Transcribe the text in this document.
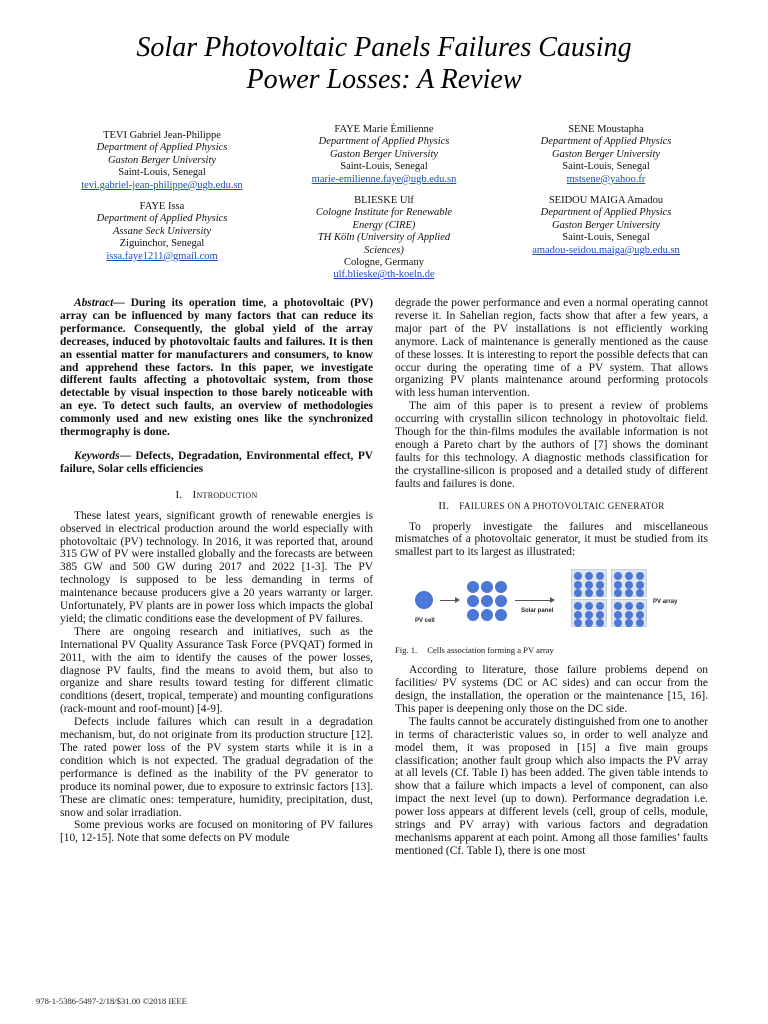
Solar Photovoltaic Panels Failures Causing
Power Losses: A Review
TEVI Gabriel Jean-Philippe
Department of Applied Physics
Gaston Berger University
Saint-Louis, Senegal
tevi.gabriel-jean-philippe@ugb.edu.sn
FAYE Issa
Department of Applied Physics
Assane Seck University
Ziguinchor, Senegal
issa.faye1211@gmail.com
FAYE Marie Émilienne
Department of Applied Physics
Gaston Berger University
Saint-Louis, Senegal
marie-emilienne.faye@ugb.edu.sn
BLIESKE Ulf
Cologne Institute for Renewable
Energy (CIRE)
TH Köln (University of Applied
Sciences)
Cologne, Germany
ulf.blieske@th-koeln.de
SENE Moustapha
Department of Applied Physics
Gaston Berger University
Saint-Louis, Senegal
mstsene@yahoo.fr
SEIDOU MAIGA Amadou
Department of Applied Physics
Gaston Berger University
Saint-Louis, Senegal
amadou-seidou.maiga@ugb.edu.sn

Abstract— During its operation time, a photovoltaic (PV) array can be influenced by many factors that can reduce its performance. Consequently, the global yield of the array decreases, induced by photovoltaic faults and failures. It is then an essential matter for manufacturers and consumers, to know and apprehend these factors. In this paper, we investigate different faults affecting a photovoltaic system, from those detectable by visual inspection to those barely noticeable with an eye. To detect such faults, an overview of methodologies commonly used and new existing ones like the synchronized thermography is done.

Keywords— Defects, Degradation, Environmental effect, PV failure, Solar cells efficiencies

I. Introduction

These latest years, significant growth of renewable energies is observed in electrical production around the world especially with photovoltaic (PV) technology. In 2016, it was reported that, around 315 GW of PV were installed globally and the forecasts are between 385 GW and 500 GW during 2017 and 2022 [1-3]. The PV technology is supposed to be less demanding in terms of maintenance because producers give a 20 years warranty or larger. Unfortunately, PV plants are in power loss which impacts the global yield; the climatic conditions ease the development of PV failures.

There are ongoing research and initiatives, such as the International PV Quality Assurance Task Force (PVQAT) formed in 2011, with the aim to identify the causes of the power losses, diagnose PV faults, find the means to avoid them, but also to organize and share results toward testing for different climatic conditions (desert, tropical, temperate) and mounting configurations (rack-mount and roof-mount) [4-9].

Defects include failures which can result in a degradation mechanism, but, do not originate from its production structure [12]. The rated power loss of the PV system starts while it is in a condition which is not expected. The gradual degradation of the performance is defined as the inability of the PV generator to produce its nominal power, due to exposure to extrinsic factors [13]. These are climatic ones: temperature, humidity, precipitation, dust, snow and solar irradiation.

Some previous works are focused on monitoring of PV failures [10, 12-15]. Note that some defects on PV module

degrade the power performance and even a normal operating cannot reverse it. In Sahelian region, facts show that after a few years, a major part of the PV installations is not efficiently working anymore. Lack of maintenance is generally mentioned as the cause of these losses. It is interesting to report the possible defects that can occur during the operating time of a PV system. That allows organizing PV plants maintenance around performing protocols with less human intervention.

The aim of this paper is to present a review of problems occurring with crystallin silicon technology in photovoltaic field. Though for the thin-films modules the available information is not enough a Pareto chart by the authors of [7] shows the dominant faults for this technology. A diagnostic methods classification for the crystalline-silicon is proposed and a detailed study of different faults and failures is done.

II. FAILURES ON A PHOTOVOLTAIC GENERATOR

To properly investigate the failures and miscellaneous mismatches of a photovoltaic generator, it must be studied from its smallest part to its largest as illustrated:

PV cell
Solar panel
PV array

Fig. 1. Cells association forming a PV array

According to literature, those failure problems depend on facilities/ PV systems (DC or AC sides) and can occur from the design, the installation, the operation or the maintenance [15, 16]. This paper is deepening only those on the DC side.

The faults cannot be accurately distinguished from one to another in terms of characteristic values so, in order to well analyze and model them, it was proposed in [15] a five main groups classification; another fault group which also impacts the PV array at all levels (Cf. Table I) has been added. The given table intends to show that a failure which impacts a level of component, can also impact the next level (up to down). Performance degradation i.e. power loss appears at different levels (cell, group of cells, module, strings and PV array) with various factors and degradation mechanisms apparent at each point. Among all those families’ faults mentioned (Cf. Table I), there is one most

978-1-5386-5497-2/18/$31.00 ©2018 IEEE
